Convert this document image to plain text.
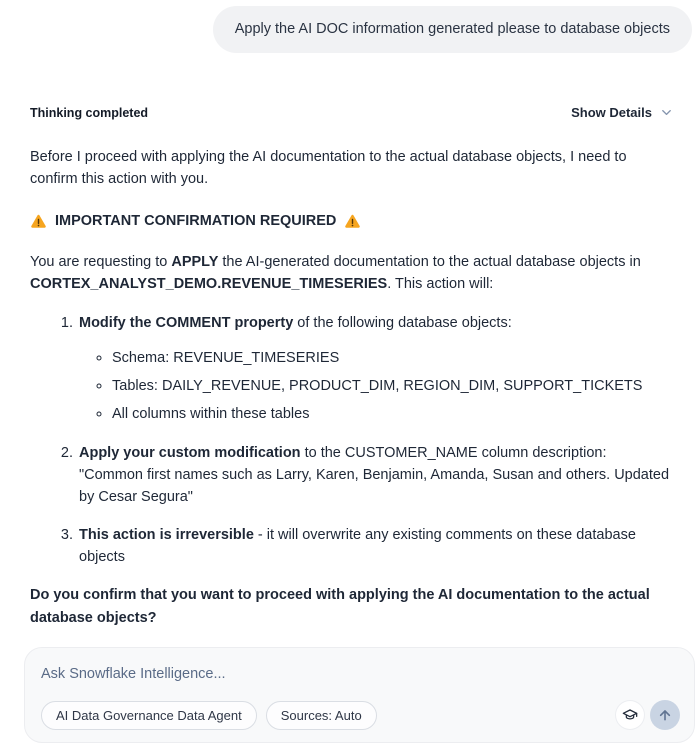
Apply the AI DOC information generated please to database objects
Thinking completed	Show Details

Before I proceed with applying the AI documentation to the actual database objects, I need to confirm this action with you.

IMPORTANT CONFIRMATION REQUIRED

You are requesting to APPLY the AI-generated documentation to the actual database objects in CORTEX_ANALYST_DEMO.REVENUE_TIMESERIES. This action will:

1. Modify the COMMENT property of the following database objects:
◦ Schema: REVENUE_TIMESERIES
◦ Tables: DAILY_REVENUE, PRODUCT_DIM, REGION_DIM, SUPPORT_TICKETS
◦ All columns within these tables
2. Apply your custom modification to the CUSTOMER_NAME column description: "Common first names such as Larry, Karen, Benjamin, Amanda, Susan and others. Updated by Cesar Segura"
3. This action is irreversible - it will overwrite any existing comments on these database objects

Do you confirm that you want to proceed with applying the AI documentation to the actual database objects?

Ask Snowflake Intelligence...
AI Data Governance Data Agent	Sources: Auto
